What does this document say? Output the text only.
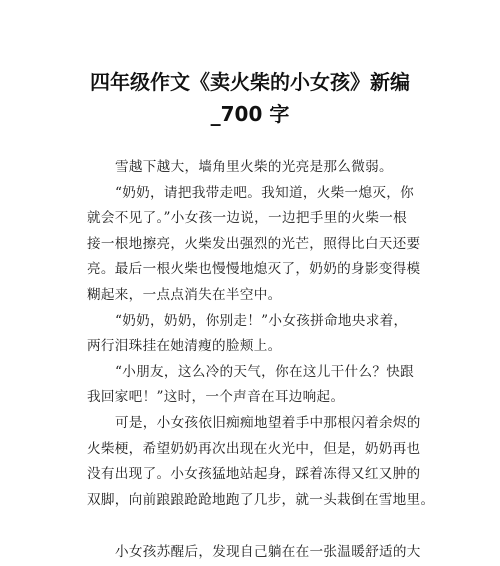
四年级作文《卖火柴的小女孩》新编
_700 字
雪越下越大，墙角里火柴的光亮是那么微弱。
“奶奶，请把我带走吧。我知道，火柴一熄灭，你
就会不见了。”小女孩一边说，一边把手里的火柴一根
接一根地擦亮，火柴发出强烈的光芒，照得比白天还要
亮。最后一根火柴也慢慢地熄灭了，奶奶的身影变得模
糊起来，一点点消失在半空中。
“奶奶，奶奶，你别走！”小女孩拼命地央求着，
两行泪珠挂在她清瘦的脸颊上。
“小朋友，这么冷的天气，你在这儿干什么？快跟
我回家吧！”这时，一个声音在耳边响起。
可是，小女孩依旧痴痴地望着手中那根闪着余烬的
火柴梗，希望奶奶再次出现在火光中，但是，奶奶再也
没有出现了。小女孩猛地站起身，踩着冻得又红又肿的
双脚，向前踉踉跄跄地跑了几步，就一头栽倒在雪地里。
小女孩苏醒后，发现自己躺在在一张温暖舒适的大
